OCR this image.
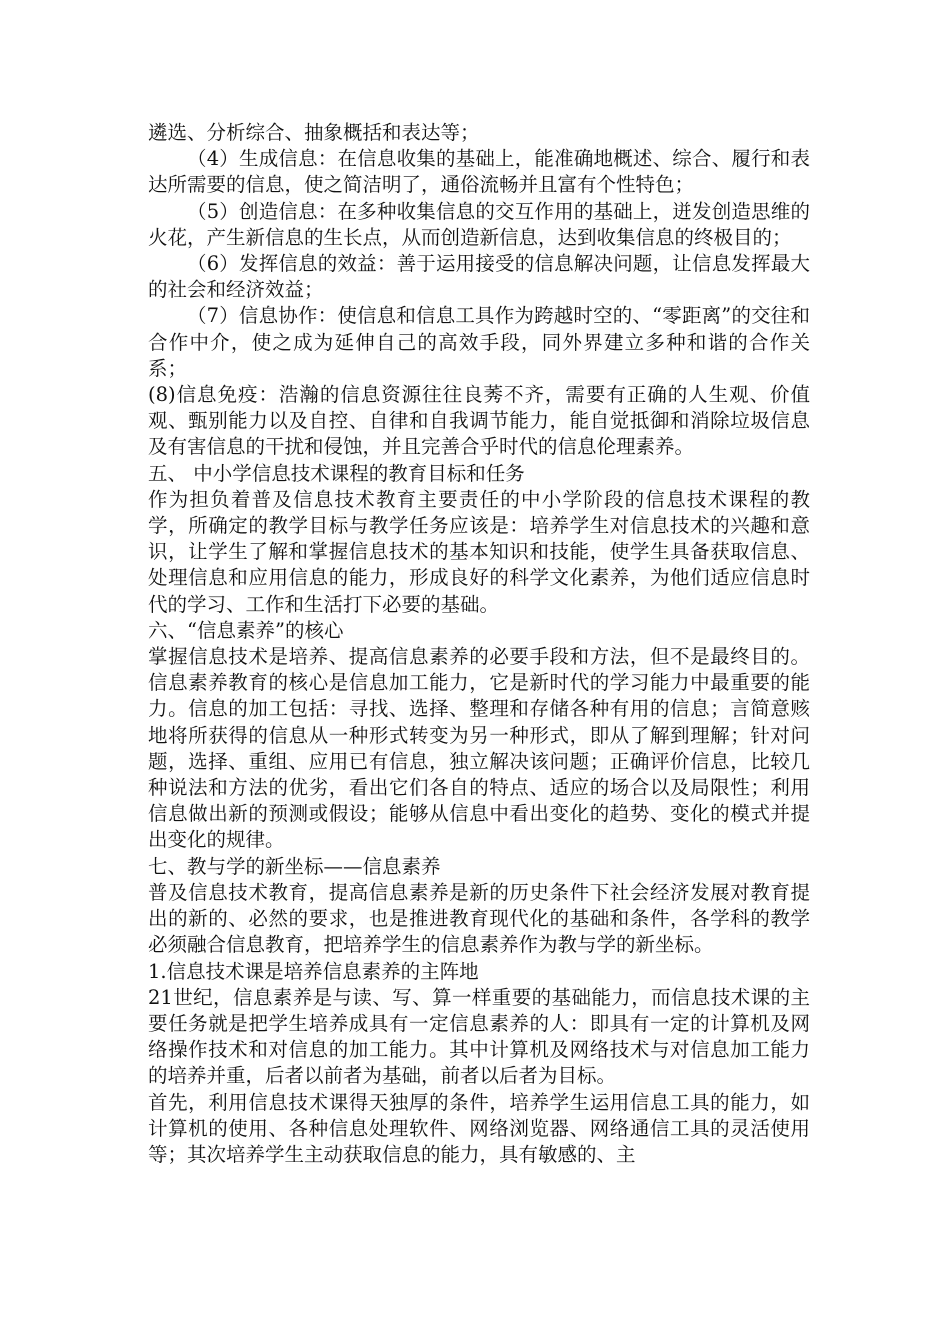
遴选、分析综合、抽象概括和表达等；

（4）生成信息：在信息收集的基础上，能准确地概述、综合、履行和表达所需要的信息，使之简洁明了，通俗流畅并且富有个性特色；

（5）创造信息：在多种收集信息的交互作用的基础上，迸发创造思维的火花，产生新信息的生长点，从而创造新信息，达到收集信息的终极目的；

（6）发挥信息的效益：善于运用接受的信息解决问题，让信息发挥最大的社会和经济效益；

（7）信息协作：使信息和信息工具作为跨越时空的、“零距离”的交往和合作中介，使之成为延伸自己的高效手段，同外界建立多种和谐的合作关系；

(8)信息免疫：浩瀚的信息资源往往良莠不齐，需要有正确的人生观、价值观、甄别能力以及自控、自律和自我调节能力，能自觉抵御和消除垃圾信息及有害信息的干扰和侵蚀，并且完善合乎时代的信息伦理素养。

五、 中小学信息技术课程的教育目标和任务

作为担负着普及信息技术教育主要责任的中小学阶段的信息技术课程的教学，所确定的教学目标与教学任务应该是：培养学生对信息技术的兴趣和意识，让学生了解和掌握信息技术的基本知识和技能，使学生具备获取信息、处理信息和应用信息的能力，形成良好的科学文化素养，为他们适应信息时代的学习、工作和生活打下必要的基础。

六、“信息素养”的核心

掌握信息技术是培养、提高信息素养的必要手段和方法，但不是最终目的。信息素养教育的核心是信息加工能力，它是新时代的学习能力中最重要的能力。信息的加工包括：寻找、选择、整理和存储各种有用的信息；言简意赅地将所获得的信息从一种形式转变为另一种形式，即从了解到理解；针对问题，选择、重组、应用已有信息，独立解决该问题；正确评价信息，比较几种说法和方法的优劣，看出它们各自的特点、适应的场合以及局限性；利用信息做出新的预测或假设；能够从信息中看出变化的趋势、变化的模式并提出变化的规律。

七、教与学的新坐标——信息素养

普及信息技术教育，提高信息素养是新的历史条件下社会经济发展对教育提出的新的、必然的要求，也是推进教育现代化的基础和条件，各学科的教学必须融合信息教育，把培养学生的信息素养作为教与学的新坐标。

1.信息技术课是培养信息素养的主阵地

21世纪，信息素养是与读、写、算一样重要的基础能力，而信息技术课的主要任务就是把学生培养成具有一定信息素养的人：即具有一定的计算机及网络操作技术和对信息的加工能力。其中计算机及网络技术与对信息加工能力的培养并重，后者以前者为基础，前者以后者为目标。

首先，利用信息技术课得天独厚的条件，培养学生运用信息工具的能力，如计算机的使用、各种信息处理软件、网络浏览器、网络通信工具的灵活使用等；其次培养学生主动获取信息的能力，具有敏感的、主
